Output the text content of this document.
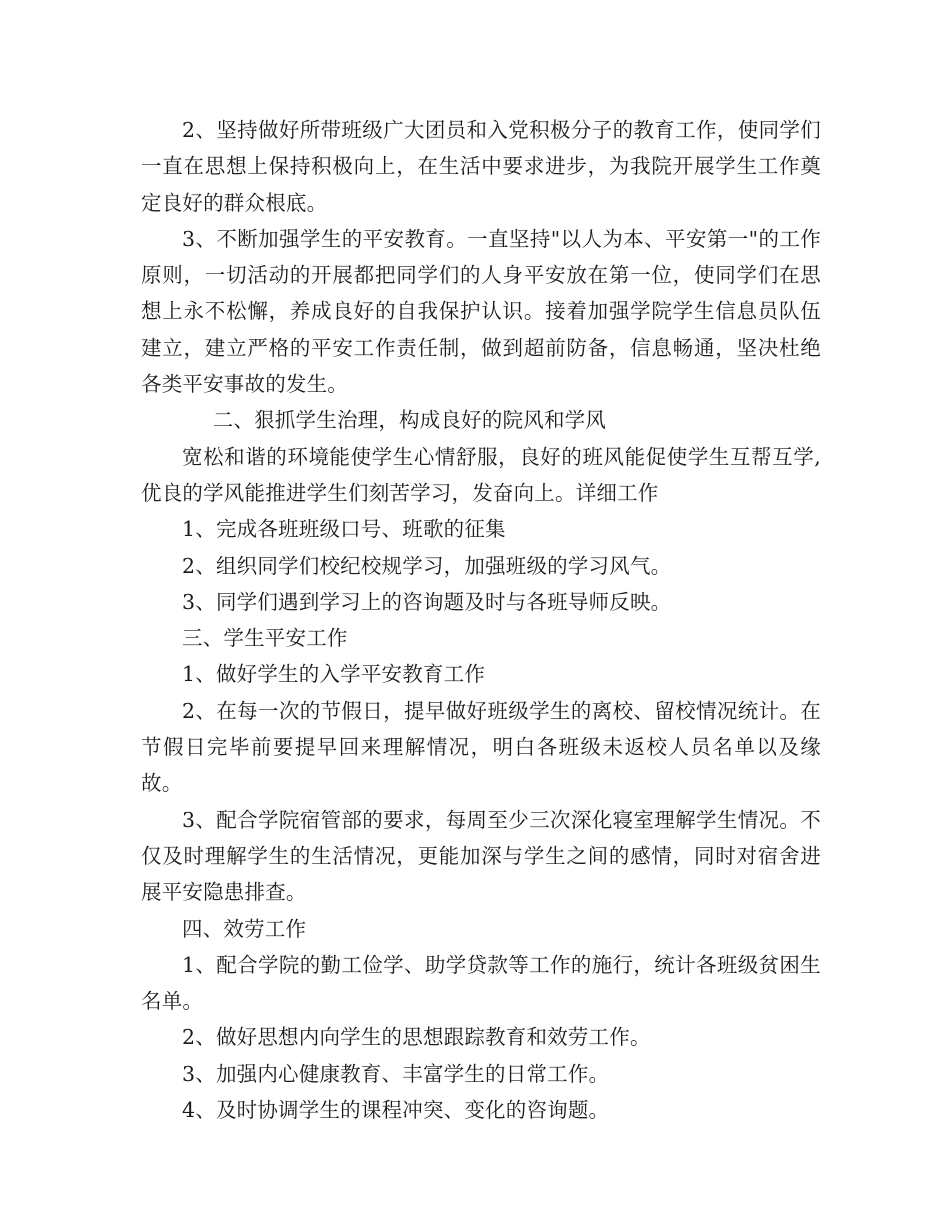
2、坚持做好所带班级广大团员和入党积极分子的教育工作，使同学们一直在思想上保持积极向上，在生活中要求进步，为我院开展学生工作奠定良好的群众根底。

3、不断加强学生的平安教育。一直坚持"以人为本、平安第一"的工作原则，一切活动的开展都把同学们的人身平安放在第一位，使同学们在思想上永不松懈，养成良好的自我保护认识。接着加强学院学生信息员队伍建立，建立严格的平安工作责任制，做到超前防备，信息畅通，坚决杜绝各类平安事故的发生。

二、狠抓学生治理，构成良好的院风和学风

宽松和谐的环境能使学生心情舒服，良好的班风能促使学生互帮互学,优良的学风能推进学生们刻苦学习，发奋向上。详细工作

1、完成各班班级口号、班歌的征集

2、组织同学们校纪校规学习，加强班级的学习风气。

3、同学们遇到学习上的咨询题及时与各班导师反映。

三、学生平安工作

1、做好学生的入学平安教育工作

2、在每一次的节假日，提早做好班级学生的离校、留校情况统计。在节假日完毕前要提早回来理解情况，明白各班级未返校人员名单以及缘故。

3、配合学院宿管部的要求，每周至少三次深化寝室理解学生情况。不仅及时理解学生的生活情况，更能加深与学生之间的感情，同时对宿舍进展平安隐患排查。

四、效劳工作

1、配合学院的勤工俭学、助学贷款等工作的施行，统计各班级贫困生名单。

2、做好思想内向学生的思想跟踪教育和效劳工作。

3、加强内心健康教育、丰富学生的日常工作。

4、及时协调学生的课程冲突、变化的咨询题。
